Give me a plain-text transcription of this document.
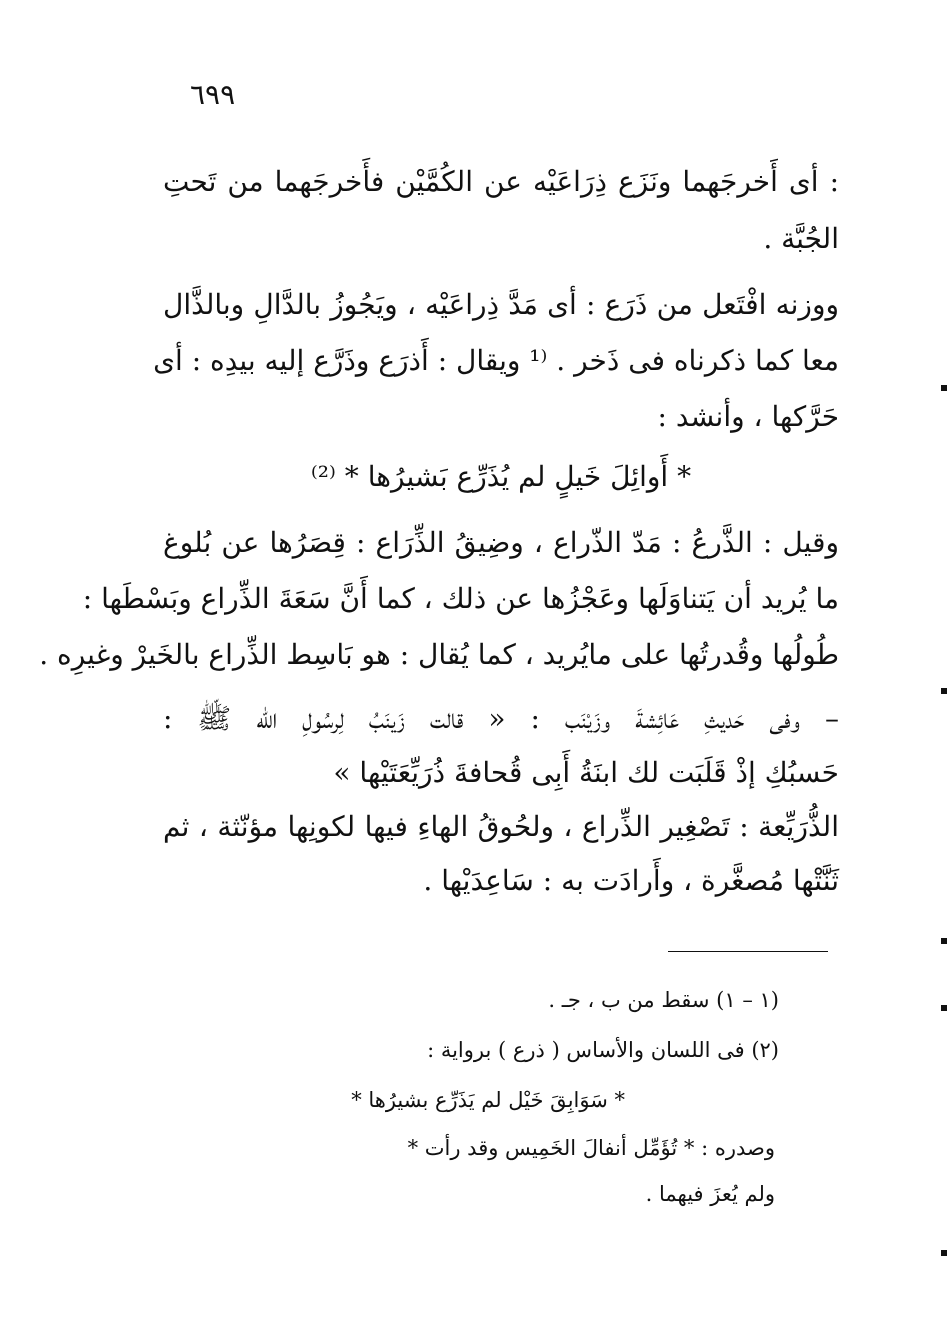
٦٩٩
: أى أَخرجَهما ونَزَع ذِرَاعَيْه عن الكُمَّيْن فأَخرجَهما من تَحتِ
الجُبَّة .
ووزنه افْتَعل من ذَرَع : أى مَدَّ ذِراعَيْه ، ويَجُوزُ بالدَّالِ وبالذَّال
معا كما ذكرناه فى ذَخر . ⁽¹ ويقال : أَذرَع وذَرَّع إليه بيدِه : أى
حَرَّكها ، وأنشد :
* أَوائِلَ خَيلٍ لم يُذَرِّع بَشيرُها * ⁽²⁾
وقيل : الذَّرعُ : مَدّ الذّراع ، وضِيقُ الذِّرَاع : قِصَرُها عن بُلوغ
ما يُريد أن يَتناوَلَها وعَجْزُها عن ذلك ، كما أَنَّ سَعَةَ الذِّراع وبَسْطَها :
طُولُها وقُدرتُها على مايُريد ، كما يُقال : هو بَاسِط الذِّراع بالخَيرْ وغيرِه .
– وفى حَديثِ عَائِشةَ وزَيْنَب : « قالت زَينَبُ لِرسُولِ الله ﷺ :
حَسبُكِ إذْ قَلَبَت لك ابنَةُ أَبِى قُحافةَ ذُرَيِّعَتَيْها »
الذُّرَيِّعة : تَصْغِير الذِّراع ، ولحُوقُ الهاءِ فيها لكونِها مؤنّثة ، ثم
ثَنَّتْها مُصغَّرة ، وأَرادَت به : سَاعِدَيْها .
(١ – ١) سقط من ب ، جـ .
(٢) فى اللسان والأساس ( ذرع ) برواية :
* سَوَابِقَ خَيْل لم يَذَرِّع بشيرُها *
وصدره : * تُؤَمِّل أنفالَ الخَمِيس وقد رأت *
ولم يُعزَ فيهما .
